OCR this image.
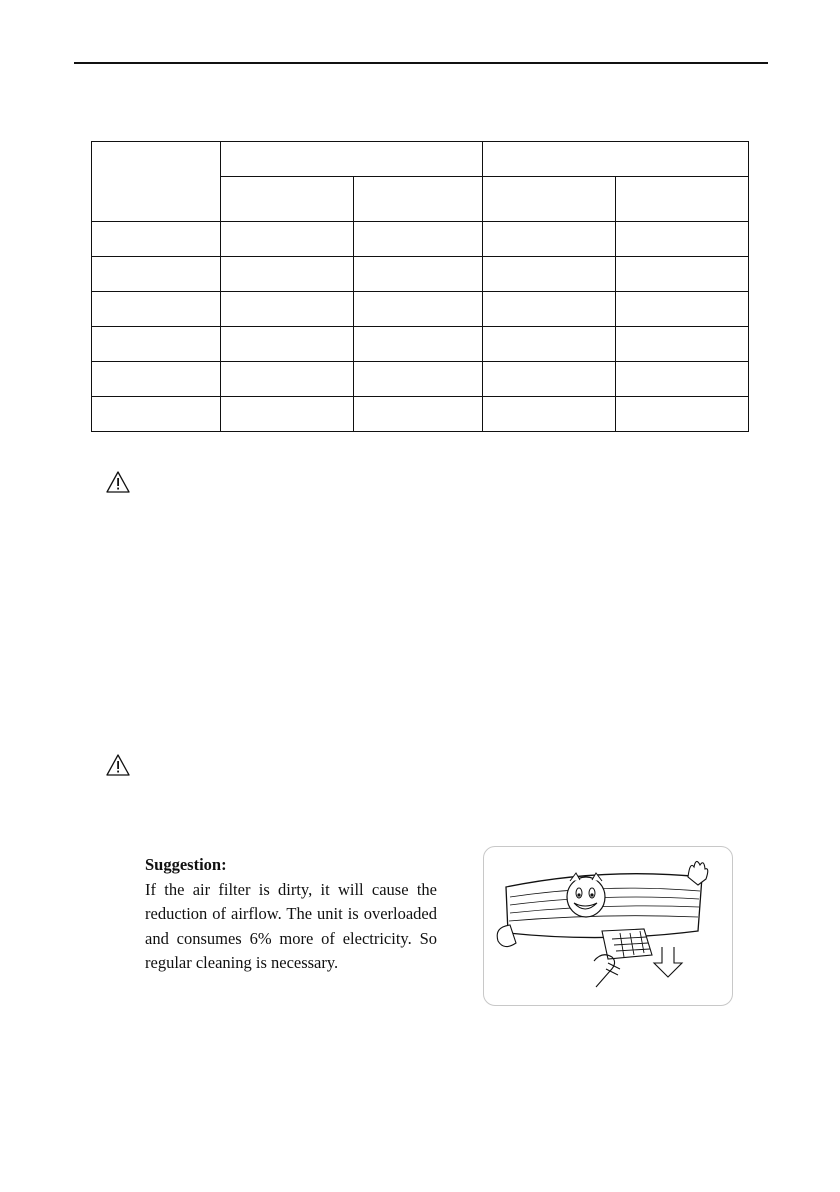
Suggestion:
If the air filter is dirty, it will cause the reduction of airflow. The unit is overloaded and consumes 6% more of electricity. So regular cleaning is necessary.
